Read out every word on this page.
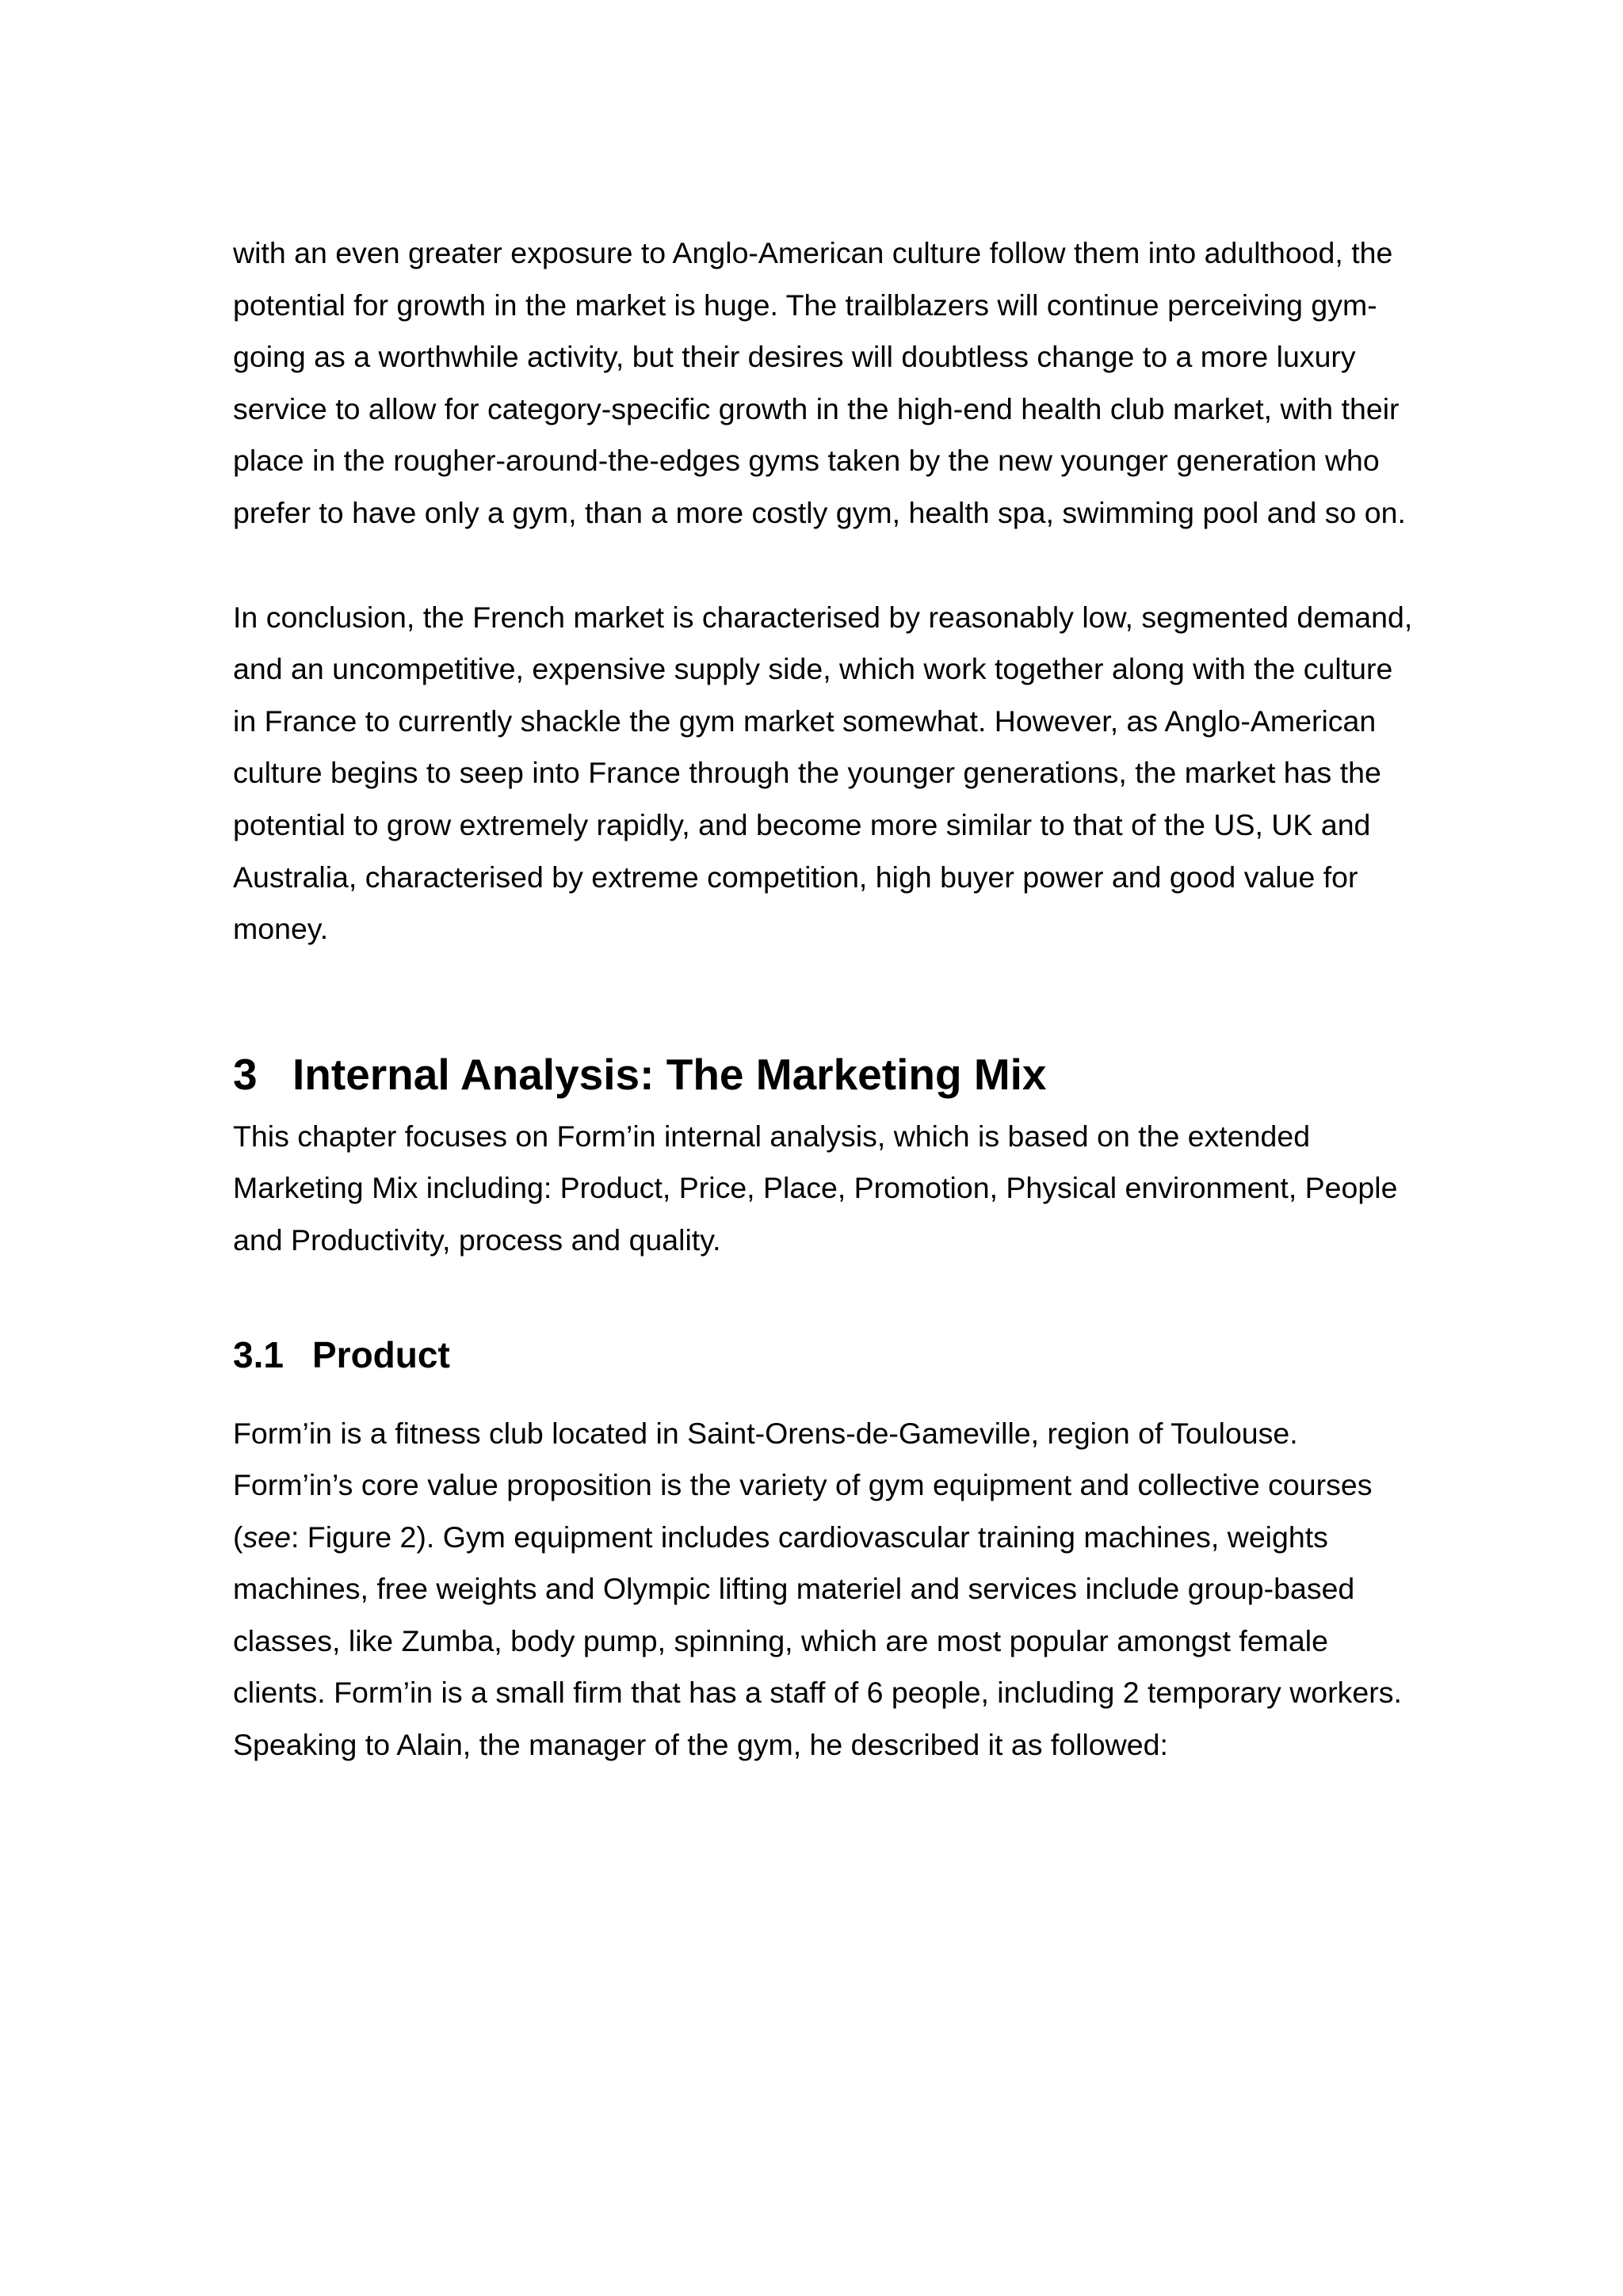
with an even greater exposure to Anglo-American culture follow them into adulthood, the potential for growth in the market is huge. The trailblazers will continue perceiving gym-going as a worthwhile activity, but their desires will doubtless change to a more luxury service to allow for category-specific growth in the high-end health club market, with their place in the rougher-around-the-edges gyms taken by the new younger generation who prefer to have only a gym, than a more costly gym, health spa, swimming pool and so on.

In conclusion, the French market is characterised by reasonably low, segmented demand, and an uncompetitive, expensive supply side, which work together along with the culture in France to currently shackle the gym market somewhat. However, as Anglo-American culture begins to seep into France through the younger generations, the market has the potential to grow extremely rapidly, and become more similar to that of the US, UK and Australia, characterised by extreme competition, high buyer power and good value for money.

3 Internal Analysis: The Marketing Mix

This chapter focuses on Form’in internal analysis, which is based on the extended Marketing Mix including: Product, Price, Place, Promotion, Physical environment, People and Productivity, process and quality.

3.1 Product

Form’in is a fitness club located in Saint-Orens-de-Gameville, region of Toulouse. Form’in’s core value proposition is the variety of gym equipment and collective courses (see: Figure 2). Gym equipment includes cardiovascular training machines, weights machines, free weights and Olympic lifting materiel and services include group-based classes, like Zumba, body pump, spinning, which are most popular amongst female clients. Form’in is a small firm that has a staff of 6 people, including 2 temporary workers. Speaking to Alain, the manager of the gym, he described it as followed:
